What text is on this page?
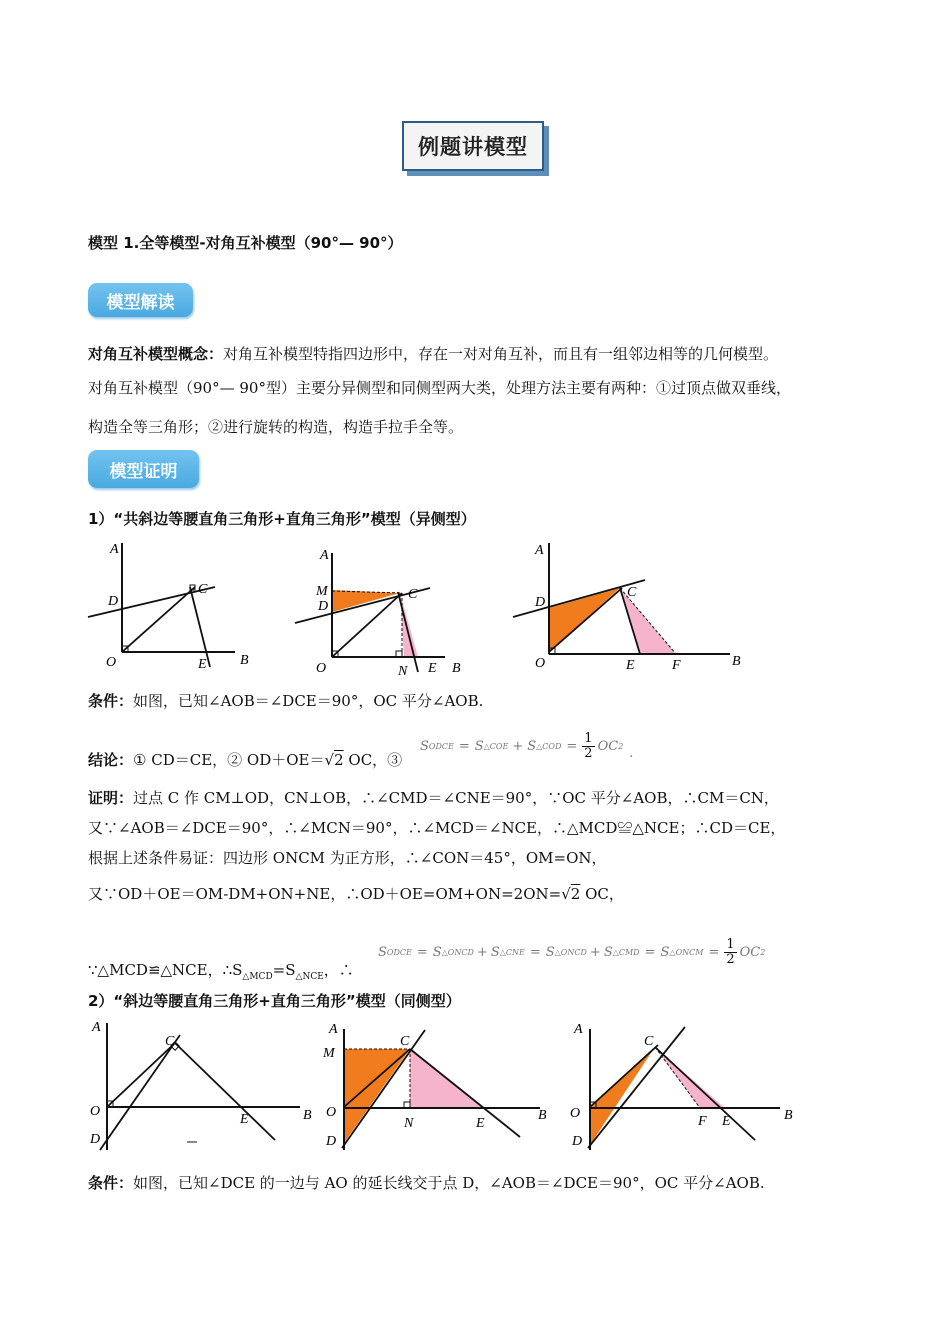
例题讲模型
模型 1.全等模型-对角互补模型（90°— 90°）
模型解读
对角互补模型概念：对角互补模型特指四边形中，存在一对对角互补，而且有一组邻边相等的几何模型。
对角互补模型（90°— 90°型）主要分异侧型和同侧型两大类，处理方法主要有两种：①过顶点做双垂线，
构造全等三角形；②进行旋转的构造，构造手拉手全等。
模型证明
1）“共斜边等腰直角三角形+直角三角形”模型（异侧型）
A
D
C
O	E B
A
M
D
C
O	N E B
A
D
C
O	E	F	B
条件：如图，已知∠AOB＝∠DCE＝90°，OC 平分∠AOB.
结论：① CD＝CE，② OD＋OE＝√2 OC，③
S ODCE = S △COE + S △COD = $\frac{1}{2}$ OC 2 .
证明：过点 C 作 CM⊥OD，CN⊥OB，∴∠CMD＝∠CNE＝90°，∵OC 平分∠AOB，∴CM＝CN，
又∵∠AOB＝∠DCE＝90°，∴∠MCN＝90°，∴∠MCD＝∠NCE，∴△MCD≌△NCE；∴CD＝CE，
根据上述条件易证：四边形 ONCM 为正方形，∴∠CON＝45°，OM=ON，
又∵OD＋OE＝OM-DM+ON+NE，∴OD＋OE=OM+ON=2ON=√2 OC，
∵△MCD≌△NCE，$\therefore S_{\triangle MCD}=S_{\triangle NCE}$，∴
S ODCE = S △ONCD + S △CNE = S △ONCD + S △CMD = S △ONCM = $\frac{1}{2}$ OC 2
2）“斜边等腰直角三角形+直角三角形”模型（同侧型）
A
C
O
E	B
D
A
M
C
O
N	E
B
D
A
C
O
F E	B
D
条件：如图，已知∠DCE 的一边与 AO 的延长线交于点 D，∠AOB＝∠DCE＝90°，OC 平分∠AOB.
